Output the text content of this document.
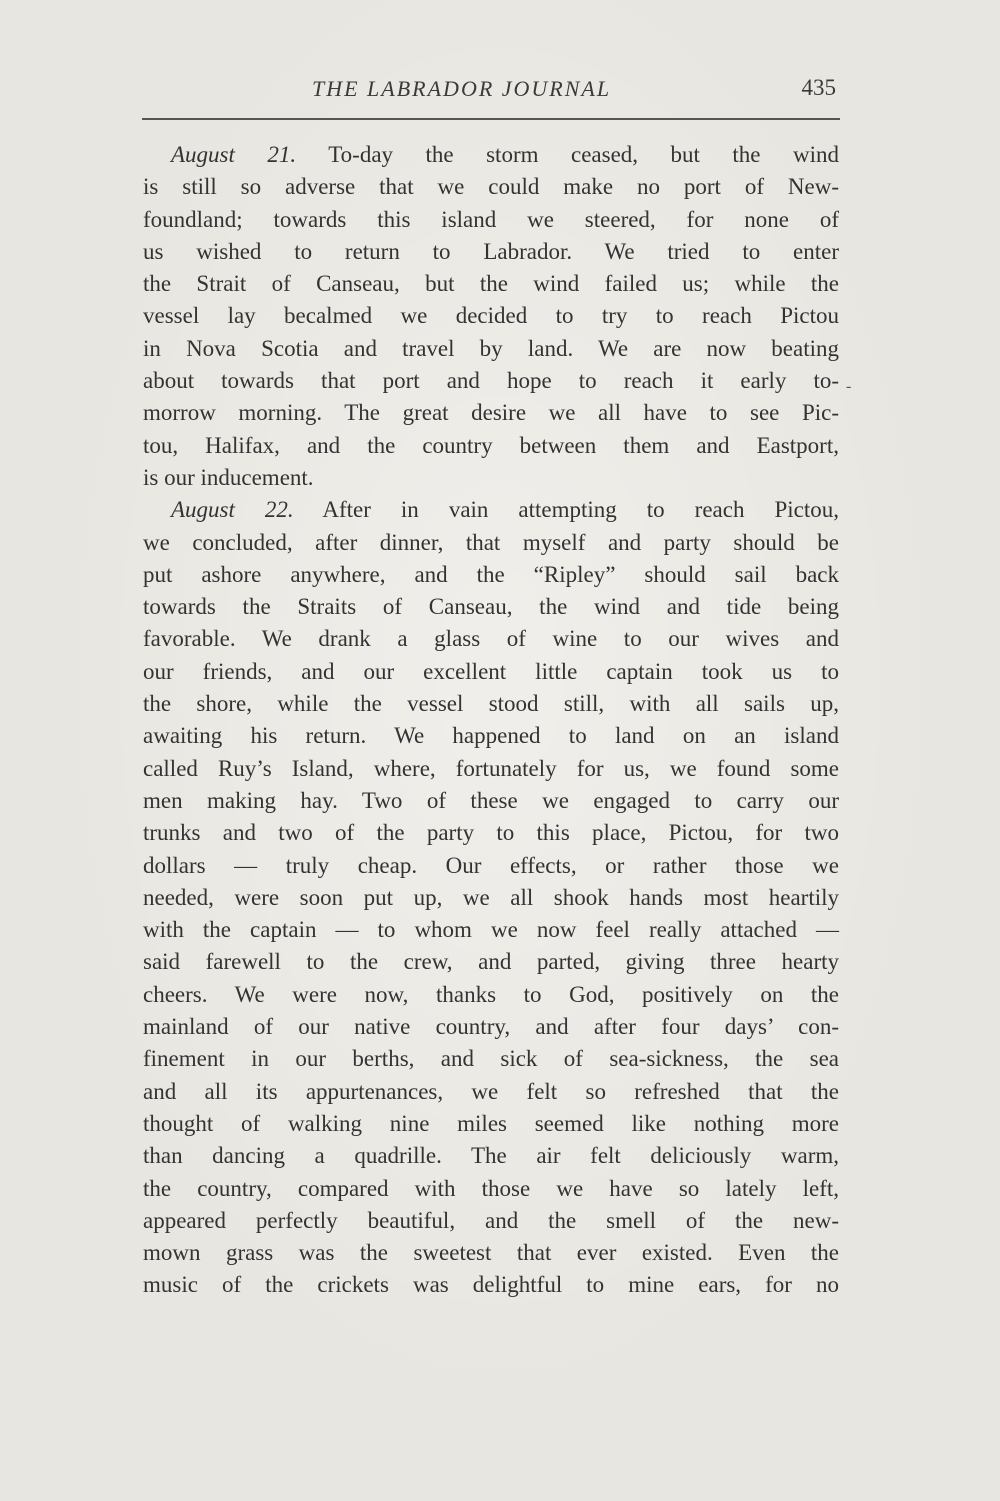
THE LABRADOR JOURNAL	435
-
August 21. To-day the storm ceased, but the wind
is still so adverse that we could make no port of New-
foundland; towards this island we steered, for none of
us wished to return to Labrador. We tried to enter
the Strait of Canseau, but the wind failed us; while the
vessel lay becalmed we decided to try to reach Pictou
in Nova Scotia and travel by land. We are now beating
about towards that port and hope to reach it early to-
morrow morning. The great desire we all have to see Pic-
tou, Halifax, and the country between them and Eastport,
is our inducement.
August 22. After in vain attempting to reach Pictou,
we concluded, after dinner, that myself and party should be
put ashore anywhere, and the “Ripley” should sail back
towards the Straits of Canseau, the wind and tide being
favorable. We drank a glass of wine to our wives and
our friends, and our excellent little captain took us to
the shore, while the vessel stood still, with all sails up,
awaiting his return. We happened to land on an island
called Ruy’s Island, where, fortunately for us, we found some
men making hay. Two of these we engaged to carry our
trunks and two of the party to this place, Pictou, for two
dollars — truly cheap. Our effects, or rather those we
needed, were soon put up, we all shook hands most heartily
with the captain — to whom we now feel really attached —
said farewell to the crew, and parted, giving three hearty
cheers. We were now, thanks to God, positively on the
mainland of our native country, and after four days’ con-
finement in our berths, and sick of sea-sickness, the sea
and all its appurtenances, we felt so refreshed that the
thought of walking nine miles seemed like nothing more
than dancing a quadrille. The air felt deliciously warm,
the country, compared with those we have so lately left,
appeared perfectly beautiful, and the smell of the new-
mown grass was the sweetest that ever existed. Even the
music of the crickets was delightful to mine ears, for no
